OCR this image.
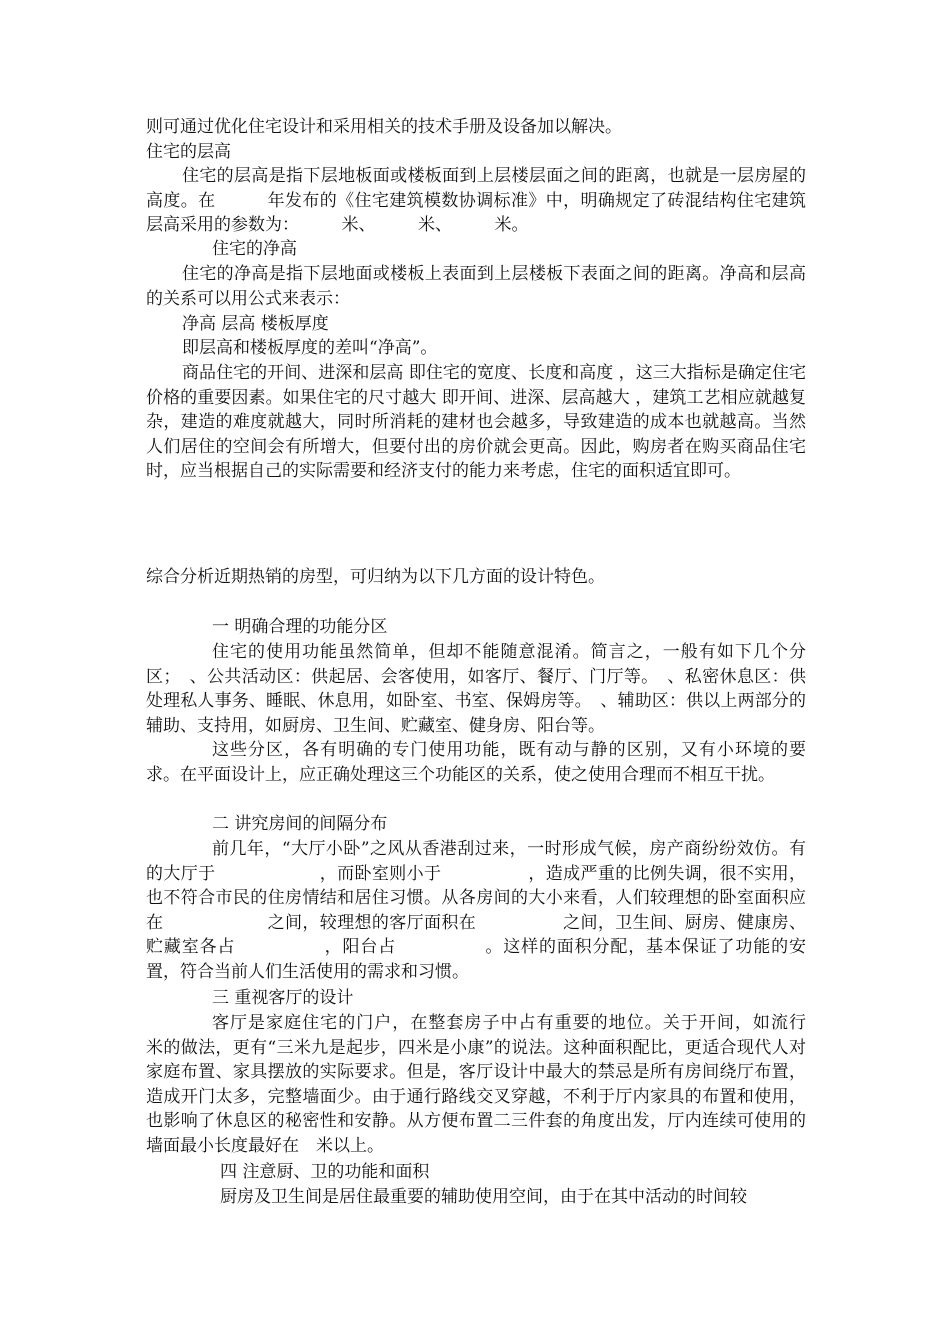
则可通过优化住宅设计和采用相关的技术手册及设备加以解决。

住宅的层高

住宅的层高是指下层地板面或楼板面到上层楼层面之间的距离，也就是一层房屋的高度。在　　　年发布的《住宅建筑模数协调标准》中，明确规定了砖混结构住宅建筑层高采用的参数为：　　　米、　　　米、　　　米。

住宅的净高

住宅的净高是指下层地面或楼板上表面到上层楼板下表面之间的距离。净高和层高的关系可以用公式来表示：

净高 层高 楼板厚度

即层高和楼板厚度的差叫“净高”。

商品住宅的开间、进深和层高 即住宅的宽度、长度和高度 ，这三大指标是确定住宅价格的重要因素。如果住宅的尺寸越大 即开间、进深、层高越大 ，建筑工艺相应就越复杂，建造的难度就越大，同时所消耗的建材也会越多，导致建造的成本也就越高。当然人们居住的空间会有所增大，但要付出的房价就会更高。因此，购房者在购买商品住宅时，应当根据自己的实际需要和经济支付的能力来考虑，住宅的面积适宜即可。

综合分析近期热销的房型，可归纳为以下几方面的设计特色。

一 明确合理的功能分区

住宅的使用功能虽然简单，但却不能随意混淆。简言之，一般有如下几个分区；　、公共活动区：供起居、会客使用，如客厅、餐厅、门厅等。　、私密休息区：供处理私人事务、睡眠、休息用，如卧室、书室、保姆房等。　、辅助区：供以上两部分的辅助、支持用，如厨房、卫生间、贮藏室、健身房、阳台等。

这些分区，各有明确的专门使用功能，既有动与静的区别，又有小环境的要求。在平面设计上，应正确处理这三个功能区的关系，使之使用合理而不相互干扰。

二 讲究房间的间隔分布

前几年，“大厅小卧”之风从香港刮过来，一时形成气候，房产商纷纷效仿。有的大厅于　　　　　　，而卧室则小于　　　　　，造成严重的比例失调，很不实用，也不符合市民的住房情结和居住习惯。从各房间的大小来看，人们较理想的卧室面积应在　　　　　　之间，较理想的客厅面积在　　　　　之间，卫生间、厨房、健康房、贮藏室各占　　　　　，阳台占　　　　　。这样的面积分配，基本保证了功能的安置，符合当前人们生活使用的需求和习惯。

三 重视客厅的设计

客厅是家庭住宅的门户，在整套房子中占有重要的地位。关于开间，如流行　　米的做法，更有“三米九是起步，四米是小康”的说法。这种面积配比，更适合现代人对家庭布置、家具摆放的实际要求。但是，客厅设计中最大的禁忌是所有房间绕厅布置，造成开门太多，完整墙面少。由于通行路线交叉穿越，不利于厅内家具的布置和使用，也影响了休息区的秘密性和安静。从方便布置二三件套的角度出发，厅内连续可使用的墙面最小长度最好在　米以上。

四 注意厨、卫的功能和面积

厨房及卫生间是居住最重要的辅助使用空间，由于在其中活动的时间较
